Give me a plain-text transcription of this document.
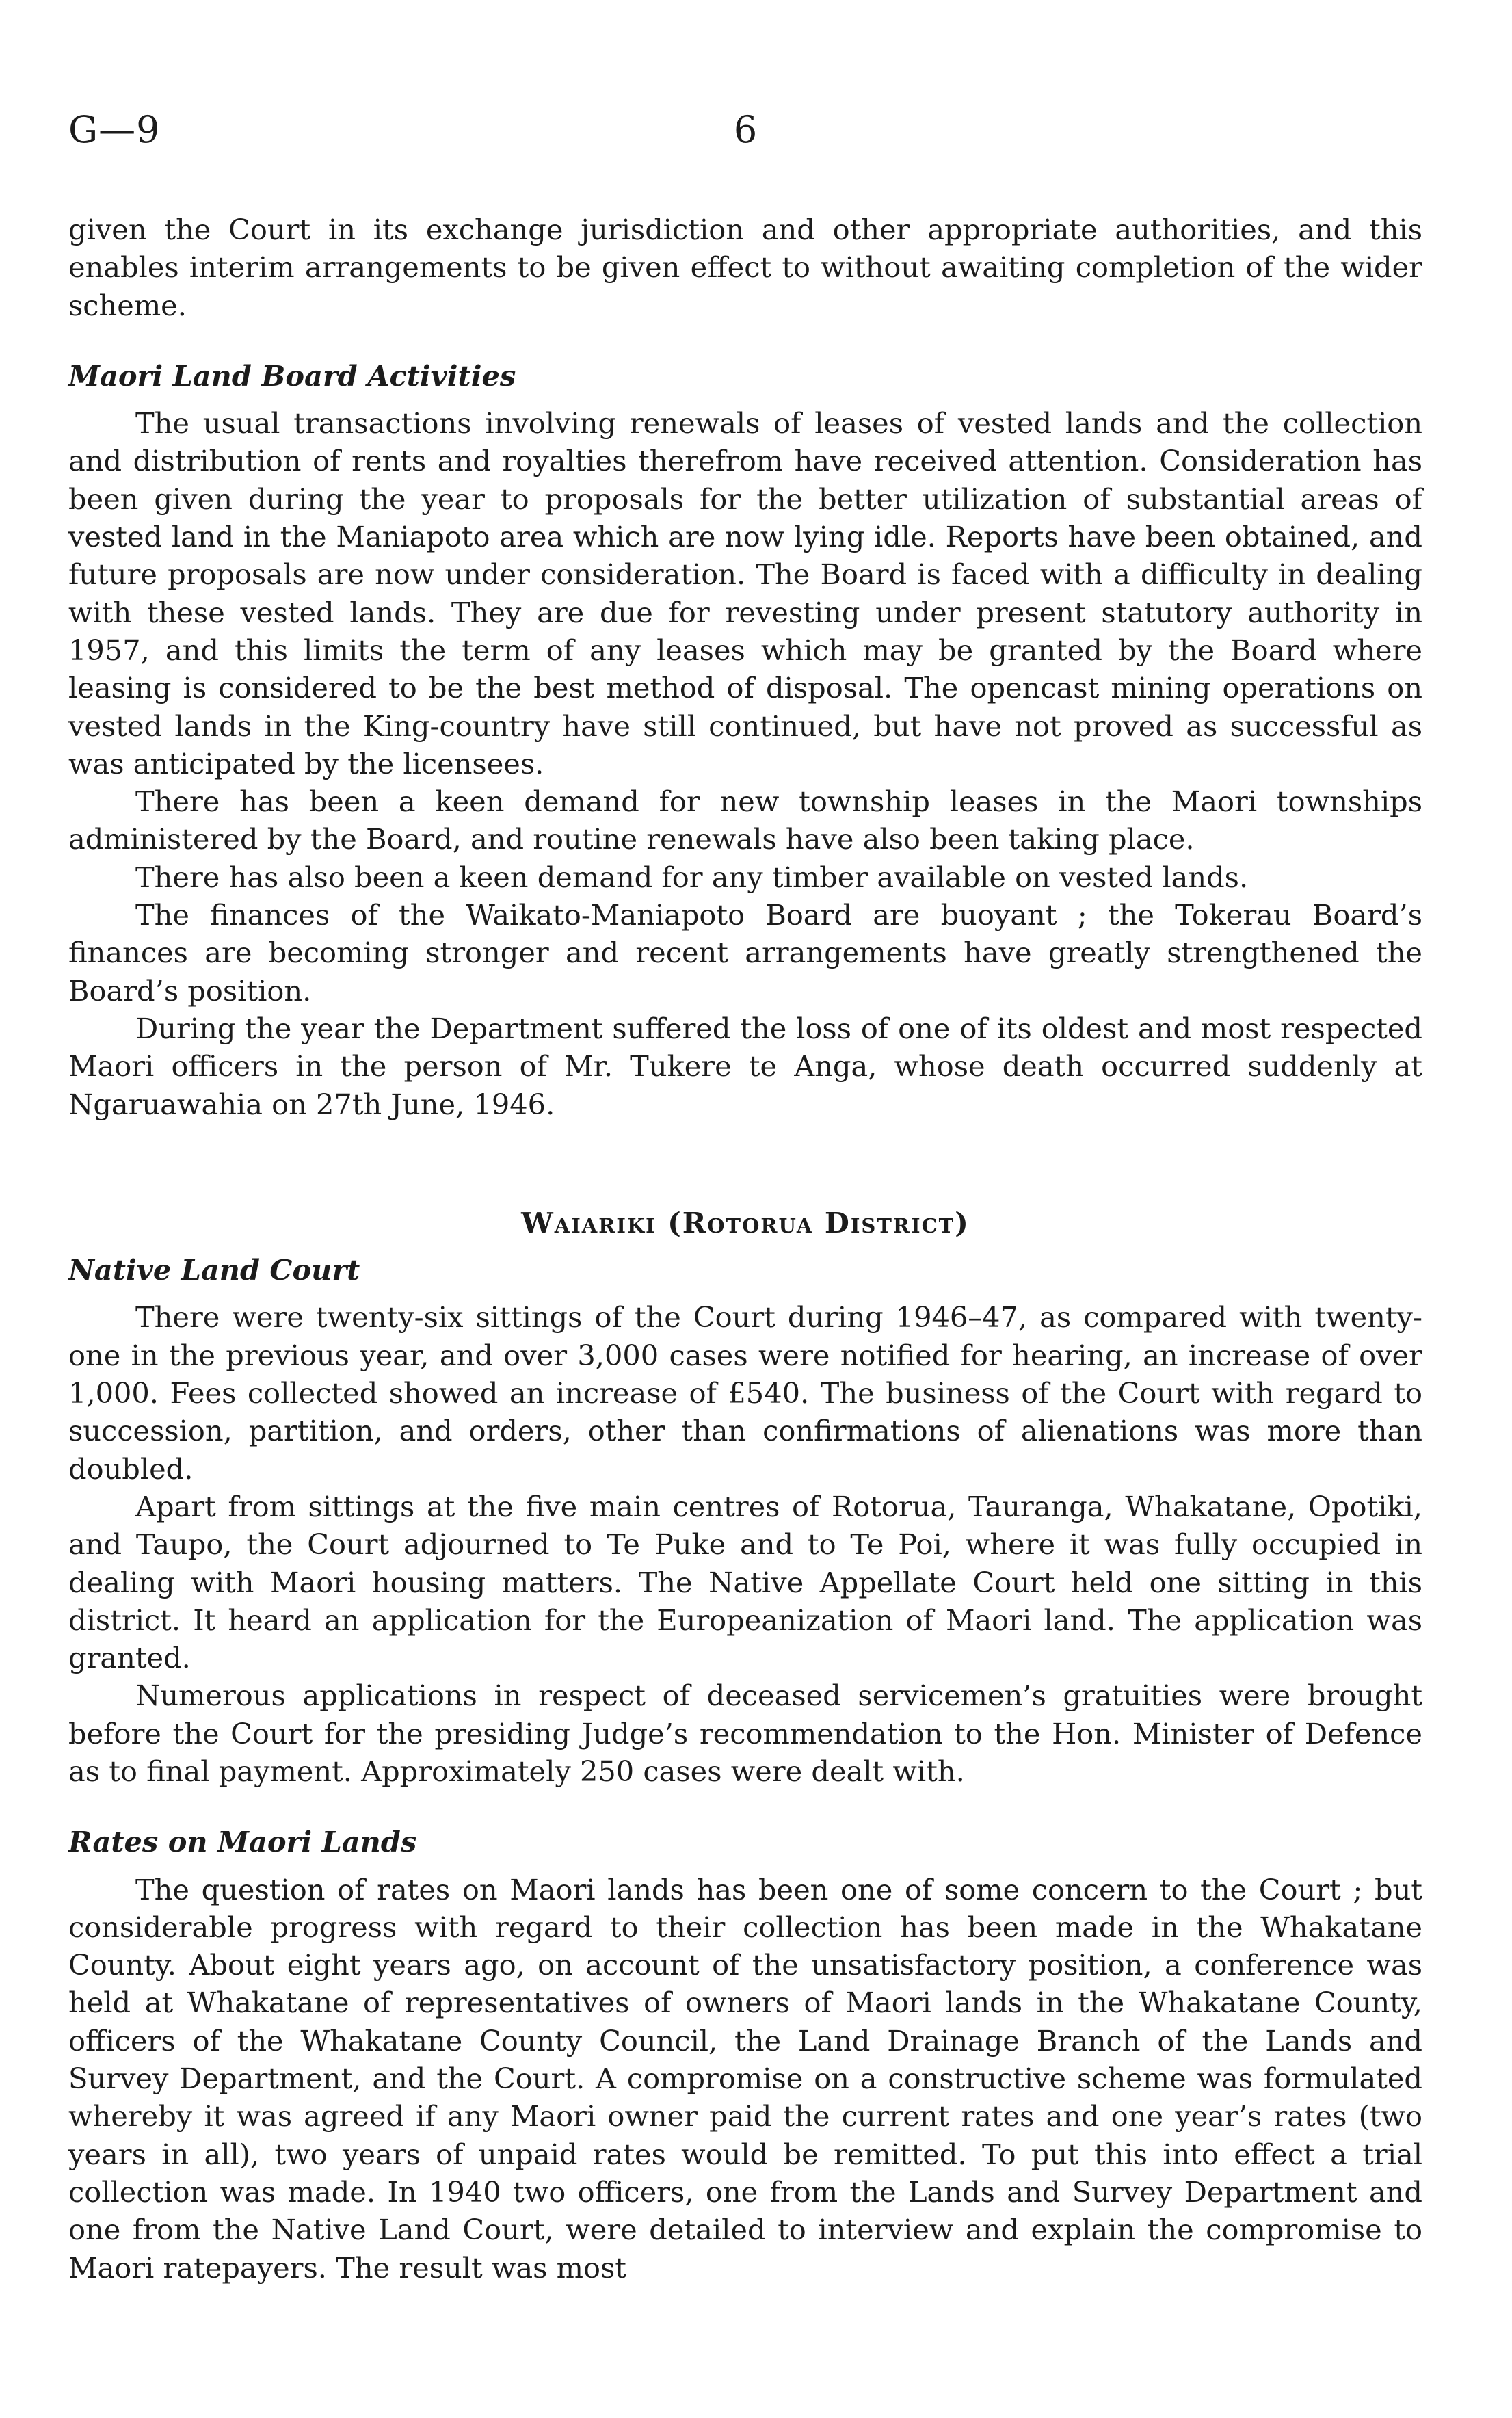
G—9	6

given the Court in its exchange jurisdiction and other appropriate authorities, and this enables interim arrangements to be given effect to without awaiting completion of the wider scheme.

Maori Land Board Activities

The usual transactions involving renewals of leases of vested lands and the collection and distribution of rents and royalties therefrom have received attention. Consideration has been given during the year to proposals for the better utilization of substantial areas of vested land in the Maniapoto area which are now lying idle. Reports have been obtained, and future proposals are now under consideration. The Board is faced with a difficulty in dealing with these vested lands. They are due for revesting under present statutory authority in 1957, and this limits the term of any leases which may be granted by the Board where leasing is considered to be the best method of disposal. The opencast mining operations on vested lands in the King-country have still continued, but have not proved as successful as was anticipated by the licensees.

There has been a keen demand for new township leases in the Maori townships administered by the Board, and routine renewals have also been taking place.

There has also been a keen demand for any timber available on vested lands.

The finances of the Waikato-Maniapoto Board are buoyant ; the Tokerau Board’s finances are becoming stronger and recent arrangements have greatly strengthened the Board’s position.

During the year the Department suffered the loss of one of its oldest and most respected Maori officers in the person of Mr. Tukere te Anga, whose death occurred suddenly at Ngaruawahia on 27th June, 1946.

Waiariki (Rotorua District)
Native Land Court

There were twenty-six sittings of the Court during 1946–47, as compared with twenty-one in the previous year, and over 3,000 cases were notified for hearing, an increase of over 1,000. Fees collected showed an increase of £540. The business of the Court with regard to succession, partition, and orders, other than confirmations of alienations was more than doubled.

Apart from sittings at the five main centres of Rotorua, Tauranga, Whakatane, Opotiki, and Taupo, the Court adjourned to Te Puke and to Te Poi, where it was fully occupied in dealing with Maori housing matters. The Native Appellate Court held one sitting in this district. It heard an application for the Europeanization of Maori land. The application was granted.

Numerous applications in respect of deceased servicemen’s gratuities were brought before the Court for the presiding Judge’s recommendation to the Hon. Minister of Defence as to final payment. Approximately 250 cases were dealt with.

Rates on Maori Lands

The question of rates on Maori lands has been one of some concern to the Court ; but considerable progress with regard to their collection has been made in the Whakatane County. About eight years ago, on account of the unsatisfactory position, a conference was held at Whakatane of representatives of owners of Maori lands in the Whakatane County, officers of the Whakatane County Council, the Land Drainage Branch of the Lands and Survey Department, and the Court. A compromise on a constructive scheme was formulated whereby it was agreed if any Maori owner paid the current rates and one year’s rates (two years in all), two years of unpaid rates would be remitted. To put this into effect a trial collection was made. In 1940 two officers, one from the Lands and Survey Department and one from the Native Land Court, were detailed to interview and explain the compromise to Maori ratepayers. The result was most
